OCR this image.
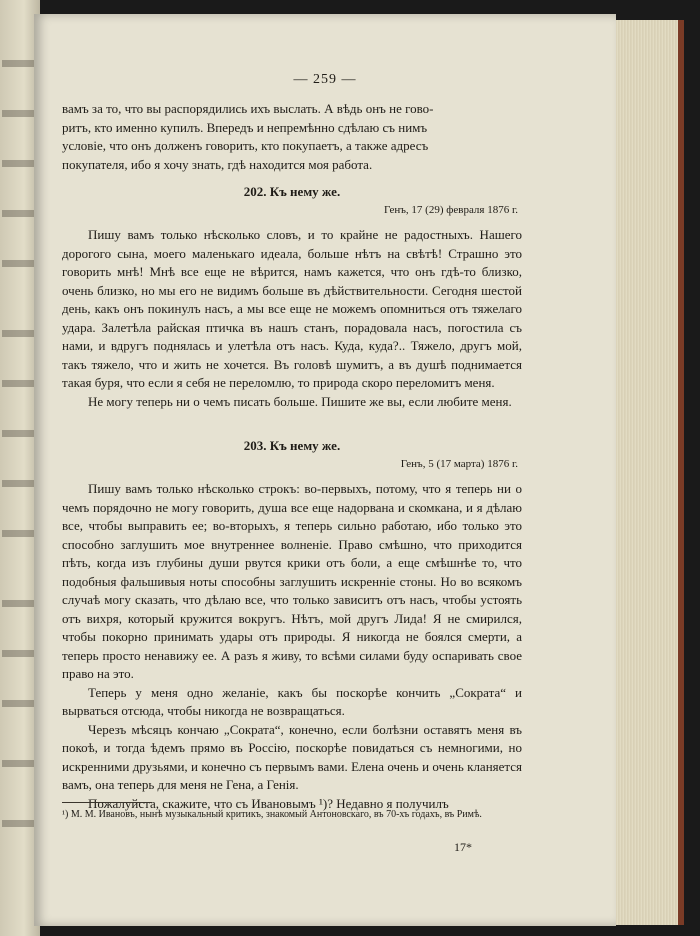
— 259 —

вамъ за то, что вы распорядились ихъ выслать. А вѣдь онъ не гово-

ритъ, кто именно купилъ. Впередъ и непремѣнно сдѣлаю съ нимъ

условіе, что онъ долженъ говорить, кто покупаетъ, а также адресъ

покупателя, ибо я хочу знать, гдѣ находится моя работа.

202. Къ нему же.
Генъ, 17 (29) февраля 1876 г.

Пишу вамъ только нѣсколько словъ, и то крайне не радостныхъ. Нашего дорогого сына, моего маленькаго идеала, больше нѣтъ на свѣтѣ! Страшно это говорить мнѣ! Мнѣ все еще не вѣрится, намъ кажется, что онъ гдѣ-то близко, очень близко, но мы его не видимъ больше въ дѣйствительности. Сегодня шестой день, какъ онъ покинулъ насъ, а мы все еще не можемъ опомниться отъ тяжелаго удара. Залетѣла райская птичка въ нашъ станъ, порадовала насъ, погостила съ нами, и вдругъ поднялась и улетѣла отъ насъ. Куда, куда?.. Тяжело, другъ мой, такъ тяжело, что и жить не хочется. Въ головѣ шумитъ, а въ душѣ поднимается такая буря, что если я себя не переломлю, то природа скоро переломитъ меня.

Не могу теперь ни о чемъ писать больше. Пишите же вы, если любите меня.

203. Къ нему же.
Генъ, 5 (17 марта) 1876 г.

Пишу вамъ только нѣсколько строкъ: во-первыхъ, потому, что я теперь ни о чемъ порядочно не могу говорить, душа все еще надорвана и скомкана, и я дѣлаю все, чтобы выправить ее; во-вторыхъ, я теперь сильно работаю, ибо только это способно заглушить мое внутреннее волненіе. Право смѣшно, что приходится пѣть, когда изъ глубины души рвутся крики отъ боли, а еще смѣшнѣе то, что подобныя фальшивыя ноты способны заглушить искренніе стоны. Но во всякомъ случаѣ могу сказать, что дѣлаю все, что только зависитъ отъ насъ, чтобы устоять отъ вихря, который кружится вокругъ. Нѣтъ, мой другъ Лида! Я не смирился, чтобы покорно принимать удары отъ природы. Я никогда не боялся смерти, а теперь просто ненавижу ее. А разъ я живу, то всѣми силами буду оспаривать свое право на это.

Теперь у меня одно желаніе, какъ бы поскорѣе кончить „Сократа“ и вырваться отсюда, чтобы никогда не возвращаться.

Черезъ мѣсяцъ кончаю „Сократа“, конечно, если болѣзни оставятъ меня въ покоѣ, и тогда ѣдемъ прямо въ Россію, поскорѣе повидаться съ немногими, но искренними друзьями, и конечно съ первымъ вами. Елена очень и очень кланяется вамъ, она теперь для меня не Гена, а Генія.

Пожалуйста, скажите, что съ Ивановымъ ¹)? Недавно я получилъ

¹) М. М. Ивановъ, нынѣ музыкальный критикъ, знакомый Антоновскаго, въ 70-хъ годахъ, въ Римѣ.
17*
